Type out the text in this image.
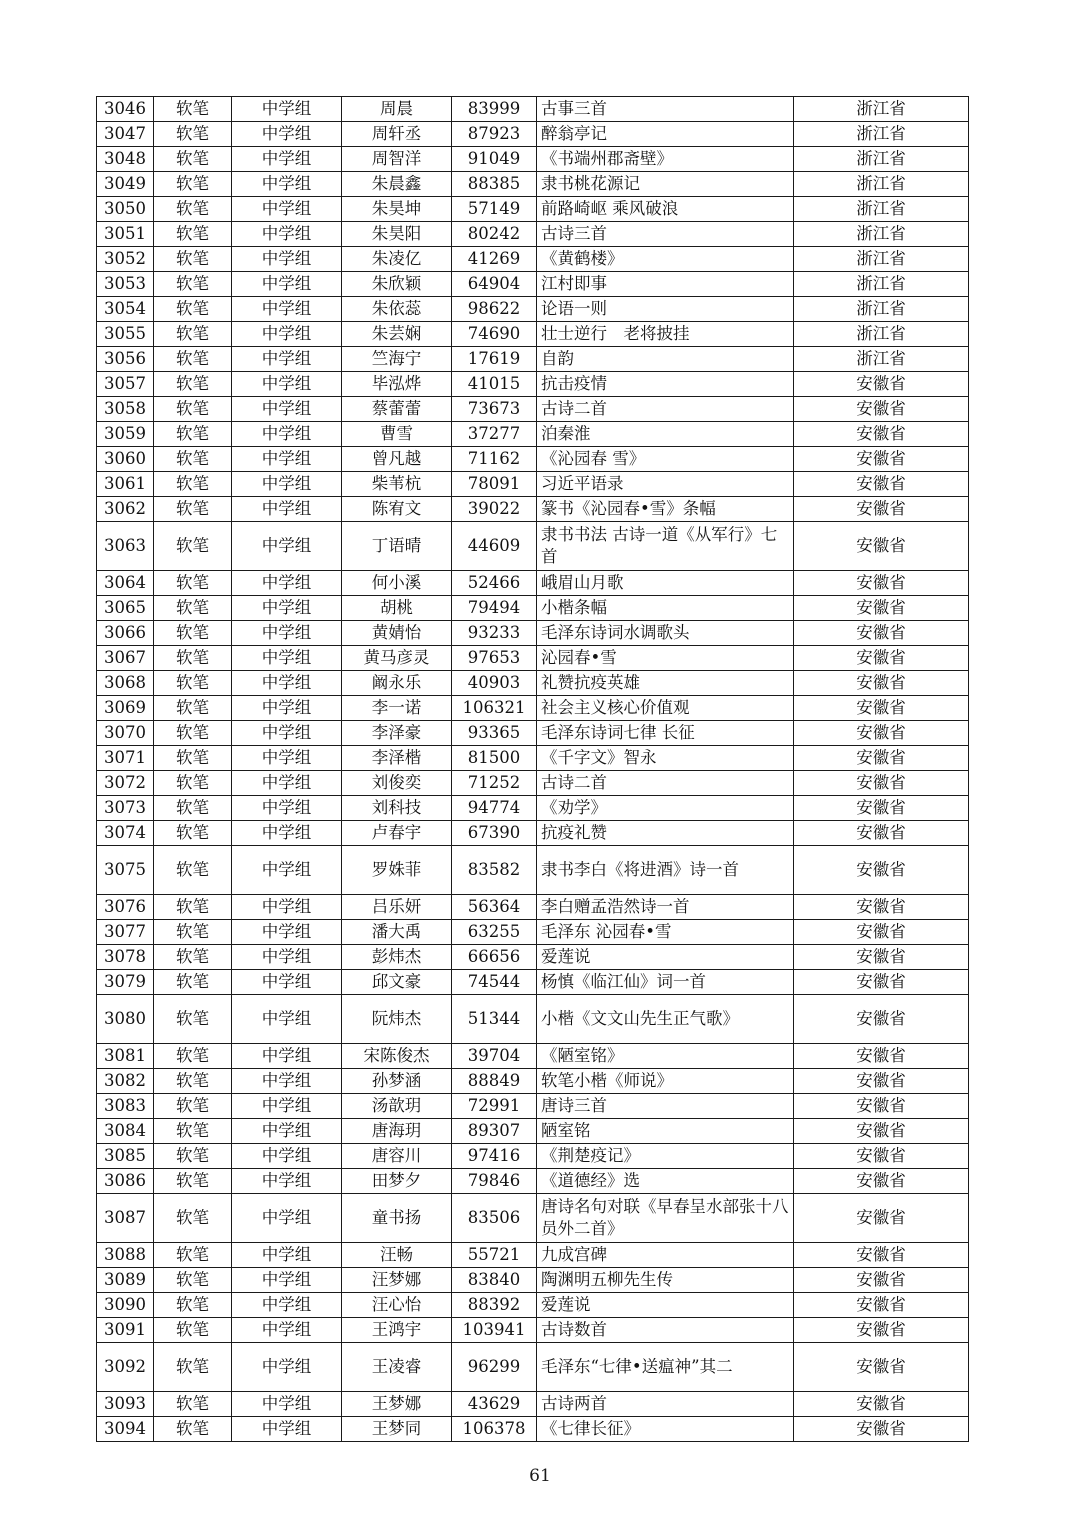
3046	软笔	中学组	周晨	83999	古事三首	浙江省
3047	软笔	中学组	周轩丞	87923	醉翁亭记	浙江省
3048	软笔	中学组	周智洋	91049	《书端州郡斋壁》	浙江省
3049	软笔	中学组	朱晨鑫	88385	隶书桃花源记	浙江省
3050	软笔	中学组	朱昊坤	57149	前路崎岖 乘风破浪	浙江省
3051	软笔	中学组	朱昊阳	80242	古诗三首	浙江省
3052	软笔	中学组	朱凌亿	41269	《黄鹤楼》	浙江省
3053	软笔	中学组	朱欣颖	64904	江村即事	浙江省
3054	软笔	中学组	朱依蕊	98622	论语一则	浙江省
3055	软笔	中学组	朱芸娴	74690	壮士逆行　老将披挂	浙江省
3056	软笔	中学组	竺海宁	17619	自韵	浙江省
3057	软笔	中学组	毕泓烨	41015	抗击疫情	安徽省
3058	软笔	中学组	蔡蕾蕾	73673	古诗二首	安徽省
3059	软笔	中学组	曹雪	37277	泊秦淮	安徽省
3060	软笔	中学组	曾凡越	71162	《沁园春 雪》	安徽省
3061	软笔	中学组	柴苇杭	78091	习近平语录	安徽省
3062	软笔	中学组	陈宥文	39022	篆书《沁园春•雪》条幅	安徽省
3063	软笔	中学组	丁语晴	44609	隶书书法 古诗一道《从军行》七首	安徽省
3064	软笔	中学组	何小溪	52466	峨眉山月歌	安徽省
3065	软笔	中学组	胡桃	79494	小楷条幅	安徽省
3066	软笔	中学组	黄婧怡	93233	毛泽东诗词水调歌头	安徽省
3067	软笔	中学组	黄马彦灵	97653	沁园春•雪	安徽省
3068	软笔	中学组	阚永乐	40903	礼赞抗疫英雄	安徽省
3069	软笔	中学组	李一诺	106321	社会主义核心价值观	安徽省
3070	软笔	中学组	李泽豪	93365	毛泽东诗词七律 长征	安徽省
3071	软笔	中学组	李泽楷	81500	《千字文》智永	安徽省
3072	软笔	中学组	刘俊奕	71252	古诗二首	安徽省
3073	软笔	中学组	刘科技	94774	《劝学》	安徽省
3074	软笔	中学组	卢春宇	67390	抗疫礼赞	安徽省
3075	软笔	中学组	罗姝菲	83582	隶书李白《将进酒》诗一首	安徽省
3076	软笔	中学组	吕乐妍	56364	李白赠孟浩然诗一首	安徽省
3077	软笔	中学组	潘大禹	63255	毛泽东 沁园春•雪	安徽省
3078	软笔	中学组	彭炜杰	66656	爱莲说	安徽省
3079	软笔	中学组	邱文豪	74544	杨慎《临江仙》词一首	安徽省
3080	软笔	中学组	阮炜杰	51344	小楷《文文山先生正气歌》	安徽省
3081	软笔	中学组	宋陈俊杰	39704	《陋室铭》	安徽省
3082	软笔	中学组	孙梦涵	88849	软笔小楷《师说》	安徽省
3083	软笔	中学组	汤歆玥	72991	唐诗三首	安徽省
3084	软笔	中学组	唐海玥	89307	陋室铭	安徽省
3085	软笔	中学组	唐容川	97416	《荆楚疫记》	安徽省
3086	软笔	中学组	田梦夕	79846	《道德经》选	安徽省
3087	软笔	中学组	童书扬	83506	唐诗名句对联《早春呈水部张十八员外二首》	安徽省
3088	软笔	中学组	汪畅	55721	九成宫碑	安徽省
3089	软笔	中学组	汪梦娜	83840	陶渊明五柳先生传	安徽省
3090	软笔	中学组	汪心怡	88392	爱莲说	安徽省
3091	软笔	中学组	王鸿宇	103941	古诗数首	安徽省
3092	软笔	中学组	王凌睿	96299	毛泽东“七律•送瘟神”其二	安徽省
3093	软笔	中学组	王梦娜	43629	古诗两首	安徽省
3094	软笔	中学组	王梦同	106378	《七律长征》	安徽省
61
